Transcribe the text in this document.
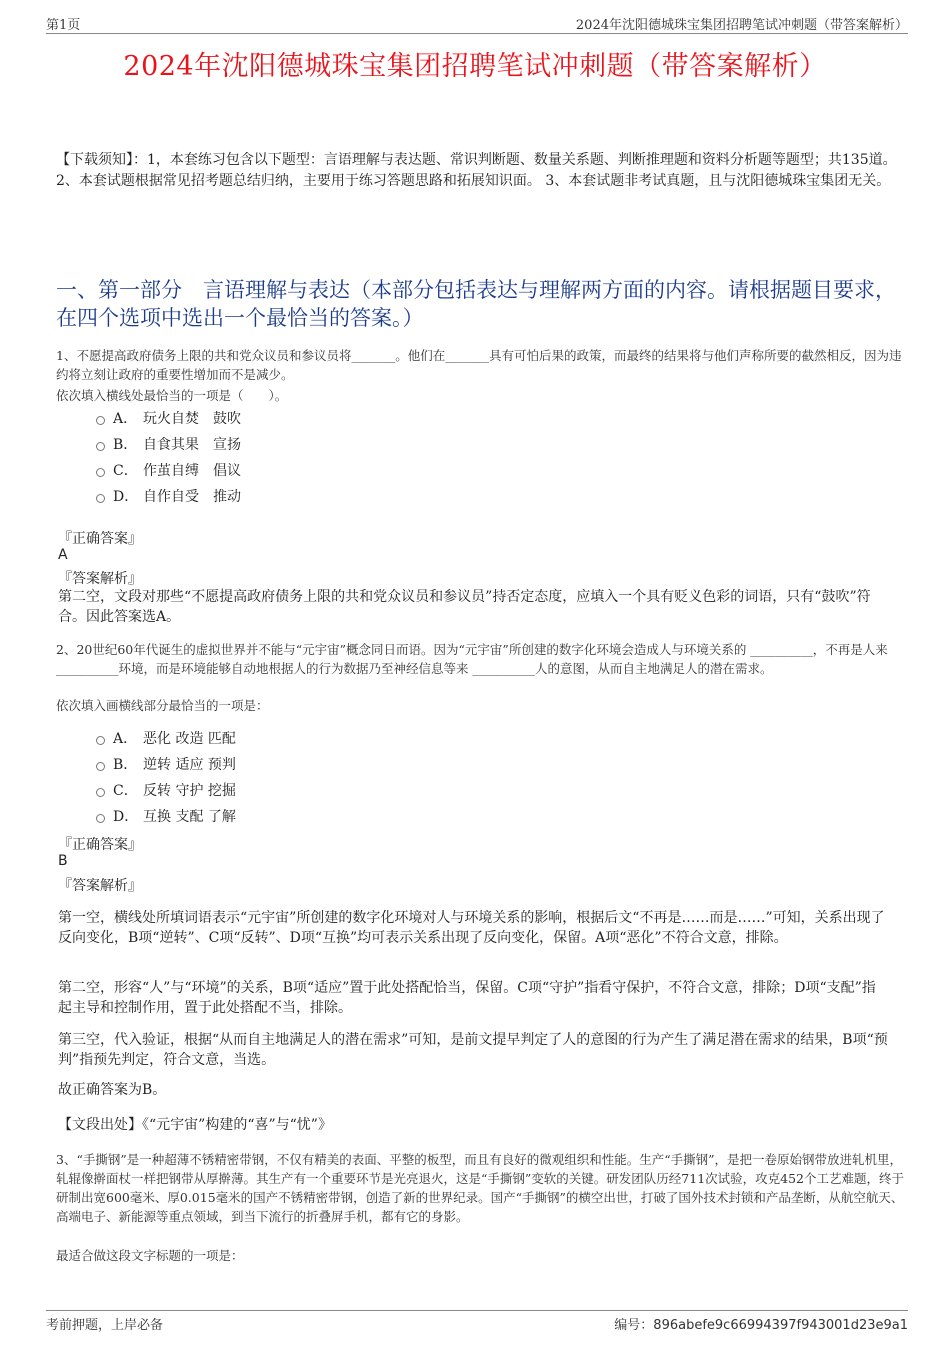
第1页	2024年沈阳德城珠宝集团招聘笔试冲刺题（带答案解析）
2024年沈阳德城珠宝集团招聘笔试冲刺题（带答案解析）
【下载须知】：1，本套练习包含以下题型：言语理解与表达题、常识判断题、数量关系题、判断推理题和资料分析题等题型；共135道。 2、本套试题根据常见招考题总结归纳，主要用于练习答题思路和拓展知识面。 3、本套试题非考试真题，且与沈阳德城珠宝集团无关。
一、第一部分　言语理解与表达（本部分包括表达与理解两方面的内容。请根据题目要求，在四个选项中选出一个最恰当的答案。）
1、不愿提高政府债务上限的共和党众议员和参议员将_______。他们在_______具有可怕后果的政策，而最终的结果将与他们声称所要的截然相反，因为违约将立刻让政府的重要性增加而不是减少。
依次填入横线处最恰当的一项是（　　）。
A． 玩火自焚　鼓吹
B． 自食其果　宣扬
C． 作茧自缚　倡议
D． 自作自受　推动
『正确答案』
A
『答案解析』
第二空，文段对那些“不愿提高政府债务上限的共和党众议员和参议员”持否定态度，应填入一个具有贬义色彩的词语，只有“鼓吹”符合。因此答案选A。
2、20世纪60年代诞生的虚拟世界并不能与“元宇宙”概念同日而语。因为“元宇宙”所创建的数字化环境会造成人与环境关系的 __________，不再是人来 __________环境，而是环境能够自动地根据人的行为数据乃至神经信息等来 __________人的意图，从而自主地满足人的潜在需求。
依次填入画横线部分最恰当的一项是：
A． 恶化 改造 匹配
B． 逆转 适应 预判
C． 反转 守护 挖掘
D． 互换 支配 了解
『正确答案』
B
『答案解析』
第一空，横线处所填词语表示“元宇宙”所创建的数字化环境对人与环境关系的影响，根据后文“不再是……而是……”可知，关系出现了反向变化，B项“逆转”、C项“反转”、D项“互换”均可表示关系出现了反向变化，保留。A项“恶化”不符合文意，排除。
第二空，形容“人”与“环境”的关系，B项“适应”置于此处搭配恰当，保留。C项“守护”指看守保护，不符合文意，排除；D项“支配”指起主导和控制作用，置于此处搭配不当，排除。
第三空，代入验证，根据“从而自主地满足人的潜在需求”可知，是前文提早判定了人的意图的行为产生了满足潜在需求的结果，B项“预判”指预先判定，符合文意，当选。
故正确答案为B。
【文段出处】《“元宇宙”构建的“喜”与“忧”》
3、“手撕钢”是一种超薄不锈精密带钢，不仅有精美的表面、平整的板型，而且有良好的微观组织和性能。生产“手撕钢”，是把一卷原始钢带放进轧机里，轧辊像擀面杖一样把钢带从厚擀薄。其生产有一个重要环节是光亮退火，这是“手撕钢”变软的关键。研发团队历经711次试验，攻克452个工艺难题，终于研制出宽600毫米、厚0.015毫米的国产不锈精密带钢，创造了新的世界纪录。国产“手撕钢”的横空出世，打破了国外技术封锁和产品垄断，从航空航天、高端电子、新能源等重点领域，到当下流行的折叠屏手机，都有它的身影。
最适合做这段文字标题的一项是：
考前押题，上岸必备	编号：896abefe9c66994397f943001d23e9a1
